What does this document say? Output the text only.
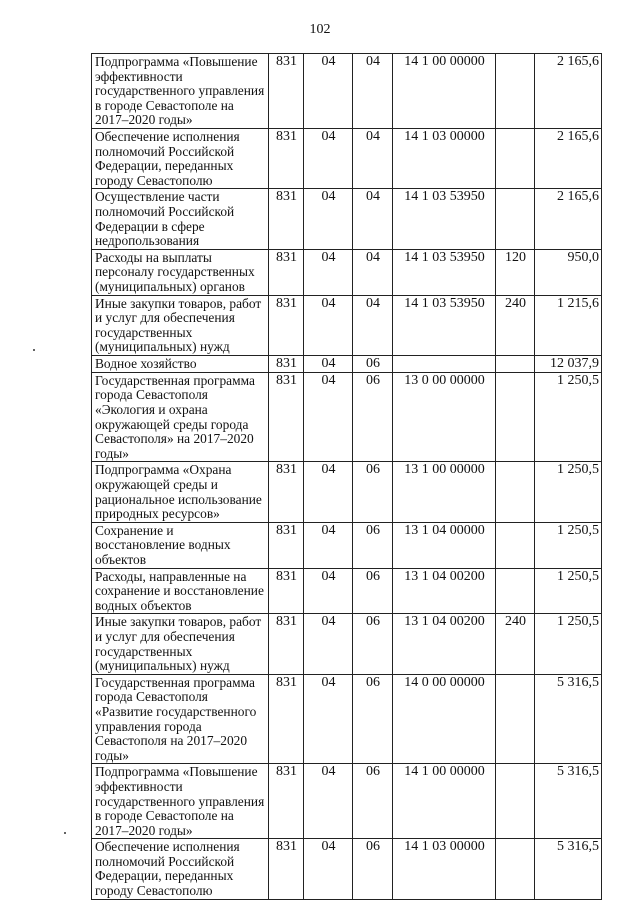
102
Подпрограмма «Повышение эффективности государственного управления в городе Севастополе на 2017–2020 годы»	831	04	04	14 1 00 00000		2 165,6
Обеспечение исполнения полномочий Российской Федерации, переданных городу Севастополю	831	04	04	14 1 03 00000		2 165,6
Осуществление части полномочий Российской Федерации в сфере недропользования	831	04	04	14 1 03 53950		2 165,6
Расходы на выплаты персоналу государственных (муниципальных) органов	831	04	04	14 1 03 53950	120	950,0
Иные закупки товаров, работ и услуг для обеспечения государственных (муниципальных) нужд	831	04	04	14 1 03 53950	240	1 215,6
Водное хозяйство	831	04	06			12 037,9
Государственная программа города Севастополя «Экология и охрана окружающей среды города Севастополя» на 2017–2020 годы»	831	04	06	13 0 00 00000		1 250,5
Подпрограмма «Охрана окружающей среды и рациональное использование природных ресурсов»	831	04	06	13 1 00 00000		1 250,5
Сохранение и восстановление водных объектов	831	04	06	13 1 04 00000		1 250,5
Расходы, направленные на сохранение и восстановление водных объектов	831	04	06	13 1 04 00200		1 250,5
Иные закупки товаров, работ и услуг для обеспечения государственных (муниципальных) нужд	831	04	06	13 1 04 00200	240	1 250,5
Государственная программа города Севастополя «Развитие государственного управления города Севастополя на 2017–2020 годы»	831	04	06	14 0 00 00000		5 316,5
Подпрограмма «Повышение эффективности государственного управления в городе Севастополе на 2017–2020 годы»	831	04	06	14 1 00 00000		5 316,5
Обеспечение исполнения полномочий Российской Федерации, переданных городу Севастополю	831	04	06	14 1 03 00000		5 316,5
